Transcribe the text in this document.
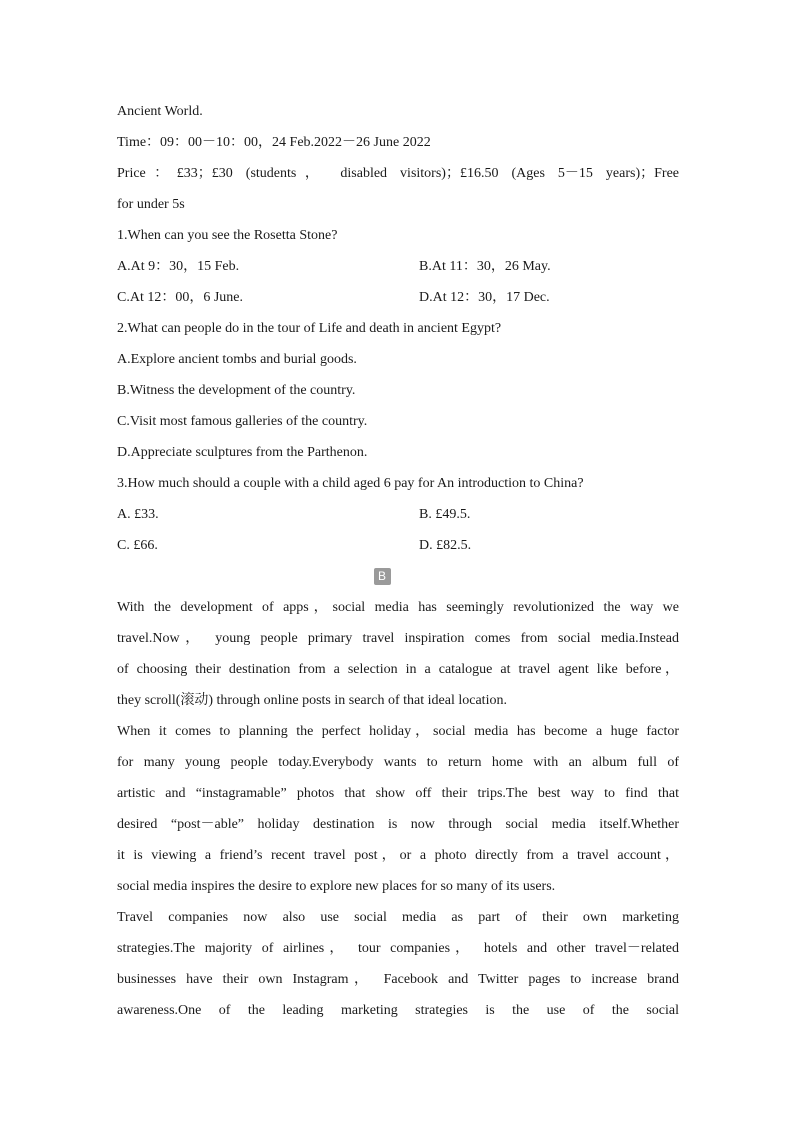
Ancient World.
Time：09：00－10：00，24 Feb.2022－26 June 2022
Price：£33；£30 (students， disabled visitors)；£16.50 (Ages 5－15 years)；Free
for under 5s
1.When can you see the Rosetta Stone?
A.At 9：30，15 Feb.	B.At 11：30，26 May.
C.At 12：00，6 June.	D.At 12：30，17 Dec.
2.What can people do in the tour of Life and death in ancient Egypt?
A.Explore ancient tombs and burial goods.
B.Witness the development of the country.
C.Visit most famous galleries of the country.
D.Appreciate sculptures from the Parthenon.
3.How much should a couple with a child aged 6 pay for An introduction to China?
A. £33.	B. £49.5.
C. £66.	D. £82.5.
B
With the development of apps，social media has seemingly revolutionized the way we
travel.Now， young people primary travel inspiration comes from social media.Instead
of choosing their destination from a selection in a catalogue at travel agent like before，
they scroll(滚动) through online posts in search of that ideal location.
When it comes to planning the perfect holiday，social media has become a huge factor
for many young people today.Everybody wants to return home with an album full of
artistic and “instagramable” photos that show off their trips.The best way to find that
desired “post－able” holiday destination is now through social media itself.Whether
it is viewing a friend’s recent travel post，or a photo directly from a travel account，
social media inspires the desire to explore new places for so many of its users.
Travel companies now also use social media as part of their own marketing
strategies.The majority of airlines， tour companies， hotels and other travel－related
businesses have their own Instagram， Facebook and Twitter pages to increase brand
awareness.One of the leading marketing strategies is the use of the social
